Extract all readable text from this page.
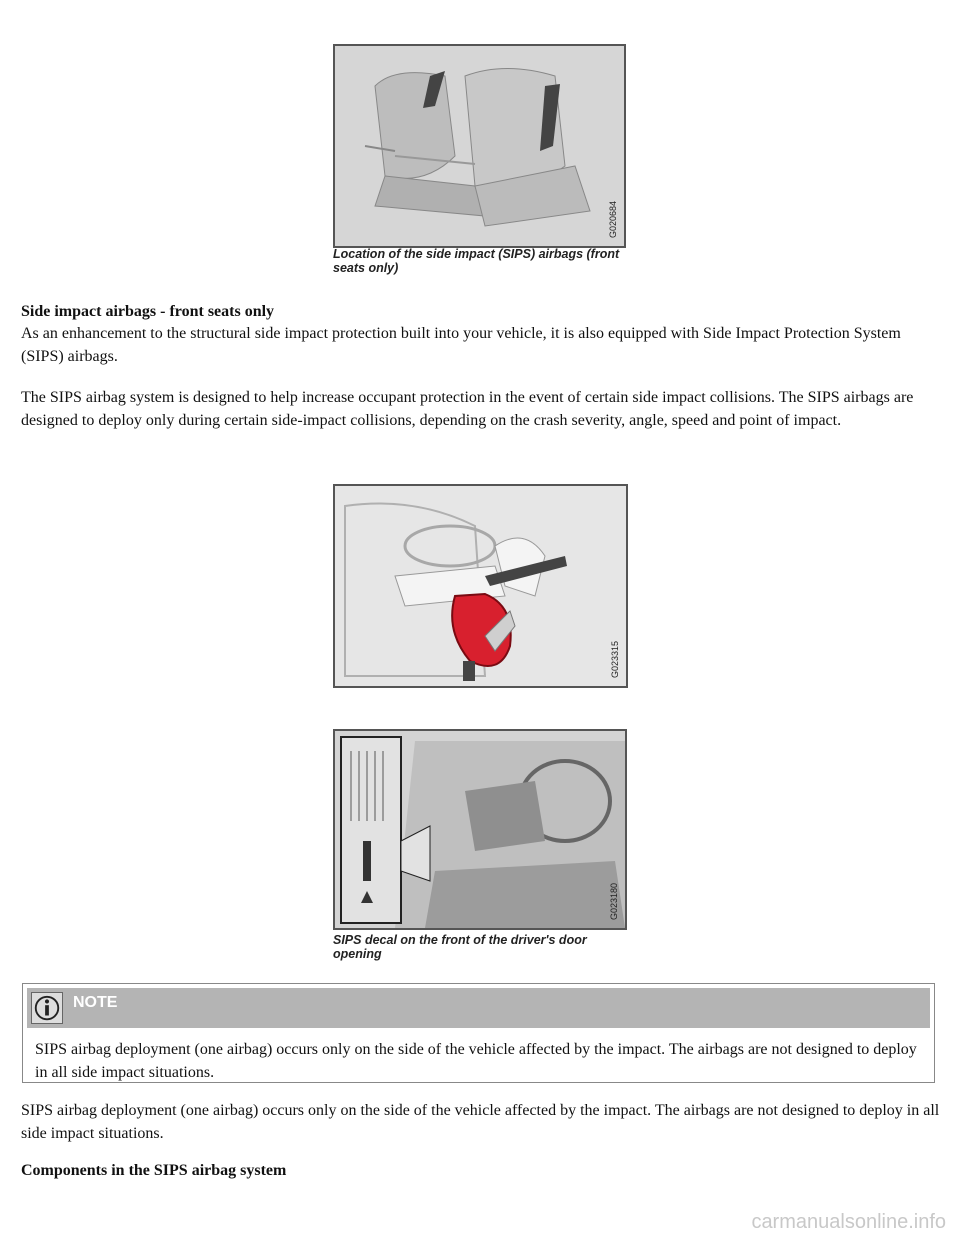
G020684
Location of the side impact (SIPS) airbags (front
seats only)
Side impact airbags - front seats only

As an enhancement to the structural side impact protection built into your vehicle, it is also equipped with Side Impact Protection System (SIPS) airbags.

The SIPS airbag system is designed to help increase occupant protection in the event of certain side impact collisions. The SIPS airbags are designed to deploy only during certain side-impact collisions, depending on the crash severity, angle, speed and point of impact.

G023315
G023180
SIPS decal on the front of the driver's door
opening
NOTE

SIPS airbag deployment (one airbag) occurs only on the side of the vehicle affected by the impact. The airbags are not designed to deploy in all side impact situations.

SIPS airbag deployment (one airbag) occurs only on the side of the vehicle affected by the impact. The airbags are not designed to deploy in all side impact situations.

Components in the SIPS airbag system
carmanualsonline.info
